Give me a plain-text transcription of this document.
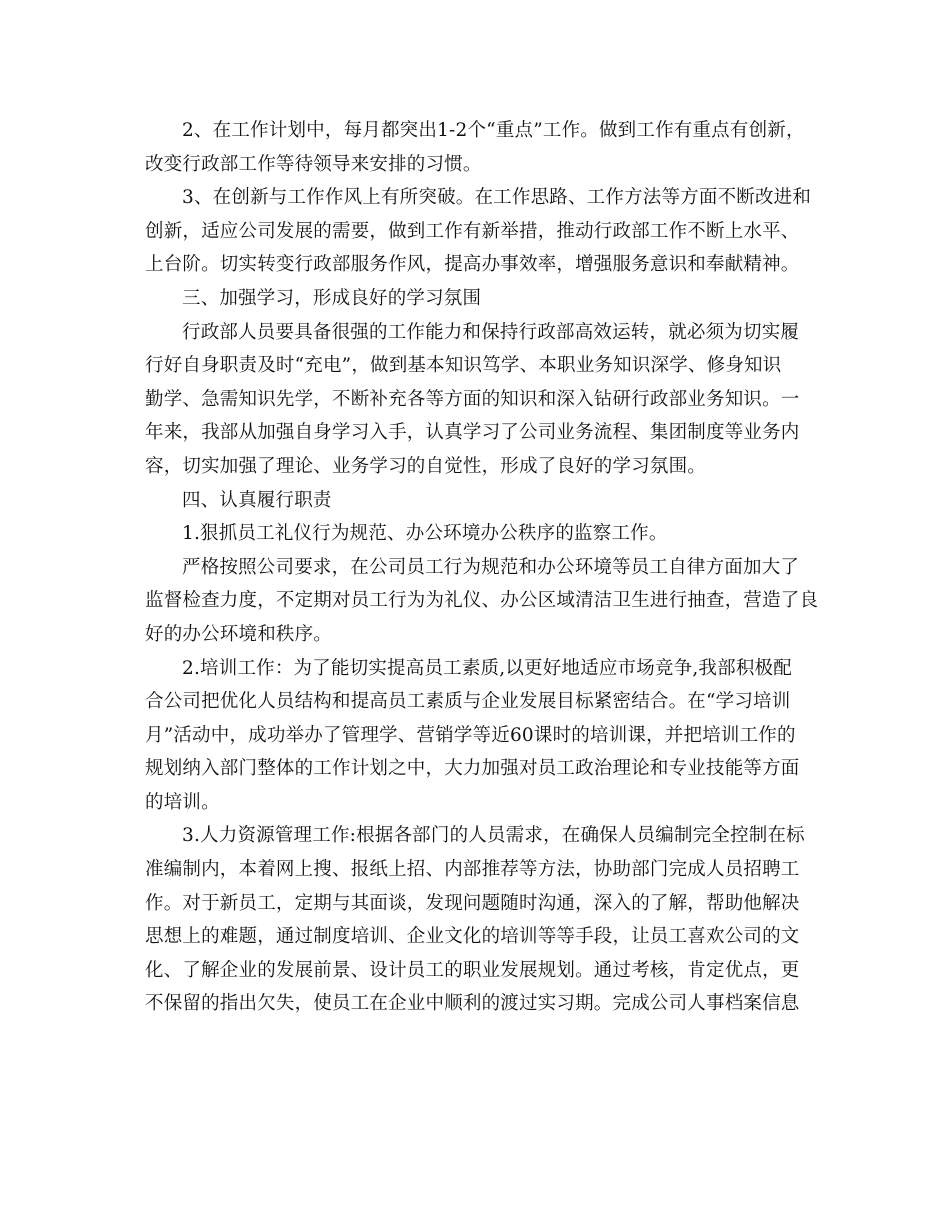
2、在工作计划中，每月都突出1-2个“重点”工作。做到工作有重点有创新，
改变行政部工作等待领导来安排的习惯。
3、在创新与工作作风上有所突破。在工作思路、工作方法等方面不断改进和
创新，适应公司发展的需要，做到工作有新举措，推动行政部工作不断上水平、
上台阶。切实转变行政部服务作风，提高办事效率，增强服务意识和奉献精神。
三、加强学习，形成良好的学习氛围
行政部人员要具备很强的工作能力和保持行政部高效运转，就必须为切实履
行好自身职责及时“充电”，做到基本知识笃学、本职业务知识深学、修身知识
勤学、急需知识先学，不断补充各等方面的知识和深入钻研行政部业务知识。一
年来，我部从加强自身学习入手，认真学习了公司业务流程、集团制度等业务内
容，切实加强了理论、业务学习的自觉性，形成了良好的学习氛围。
四、认真履行职责
1.狠抓员工礼仪行为规范、办公环境办公秩序的监察工作。
严格按照公司要求，在公司员工行为规范和办公环境等员工自律方面加大了
监督检查力度，不定期对员工行为为礼仪、办公区域清洁卫生进行抽查，营造了良
好的办公环境和秩序。
2.培训工作：为了能切实提高员工素质,以更好地适应市场竞争,我部积极配
合公司把优化人员结构和提高员工素质与企业发展目标紧密结合。在“学习培训
月”活动中，成功举办了管理学、营销学等近60课时的培训课，并把培训工作的
规划纳入部门整体的工作计划之中，大力加强对员工政治理论和专业技能等方面
的培训。
3.人力资源管理工作:根据各部门的人员需求，在确保人员编制完全控制在标
准编制内，本着网上搜、报纸上招、内部推荐等方法，协助部门完成人员招聘工
作。对于新员工，定期与其面谈，发现问题随时沟通，深入的了解，帮助他解决
思想上的难题，通过制度培训、企业文化的培训等等手段，让员工喜欢公司的文
化、了解企业的发展前景、设计员工的职业发展规划。通过考核，肯定优点，更
不保留的指出欠失，使员工在企业中顺利的渡过实习期。完成公司人事档案信息
